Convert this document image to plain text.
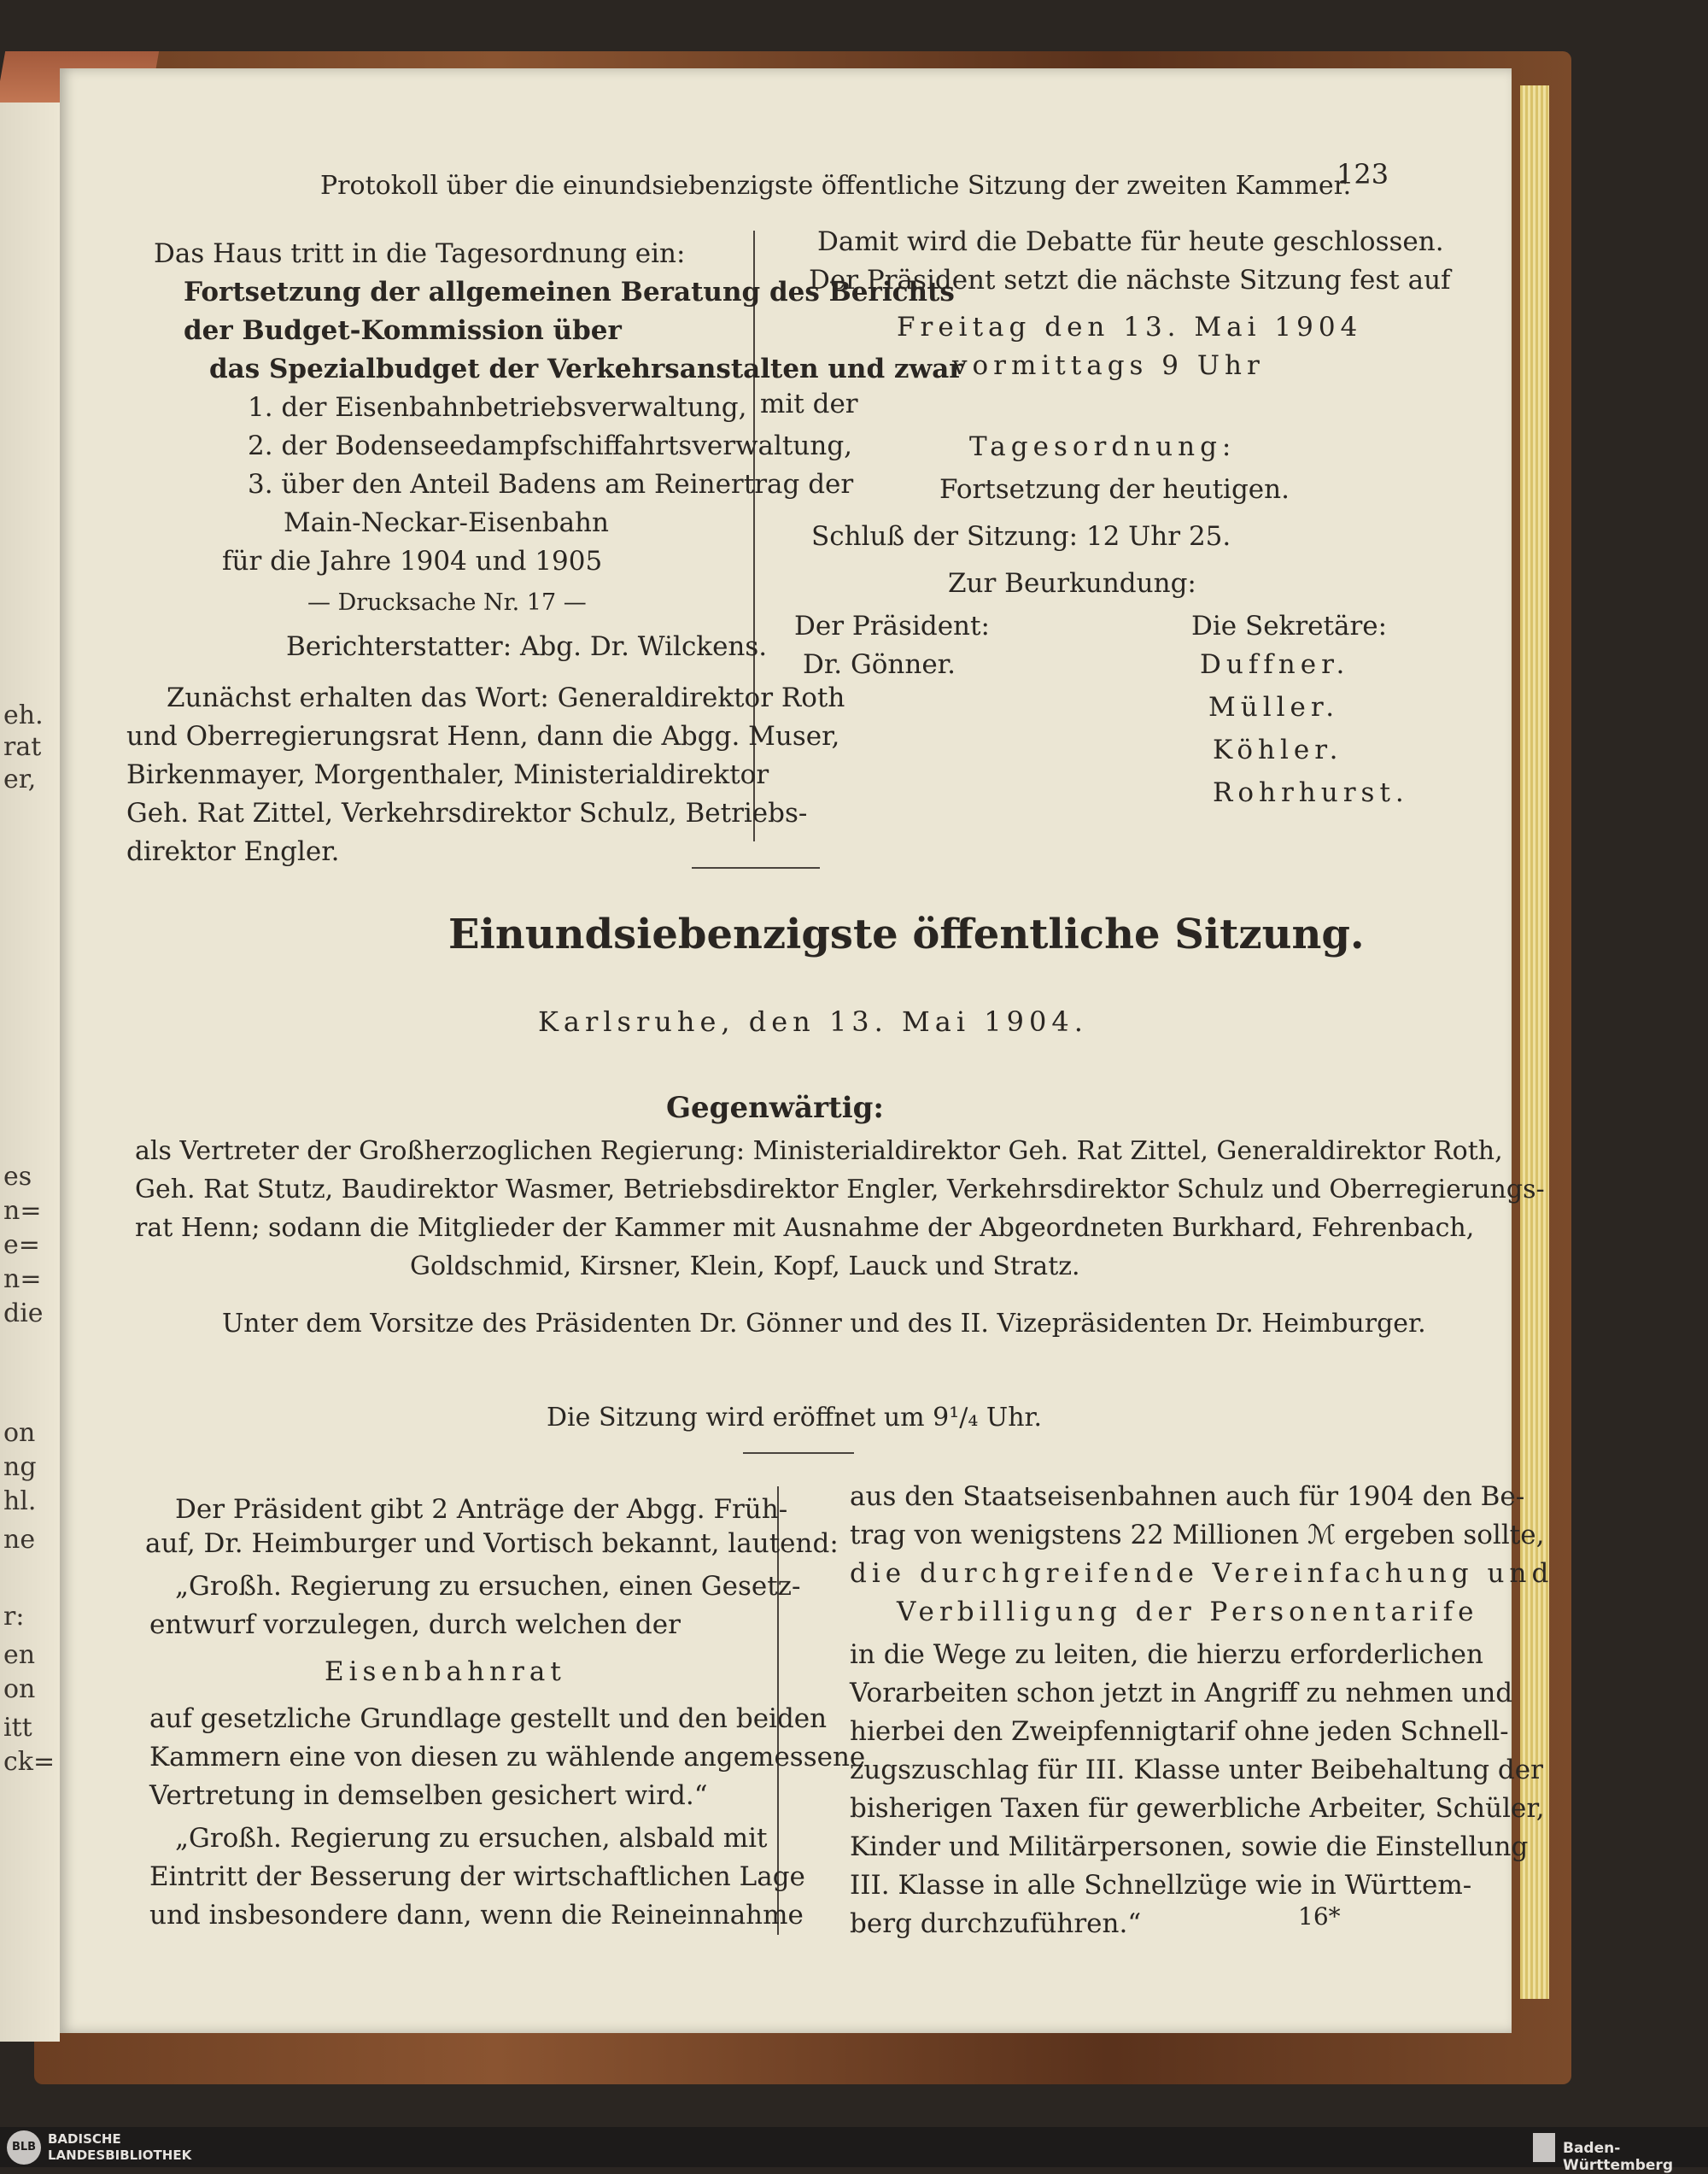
eh.
rat
er,
es
n=
e=
n=
die
on
ng
hl.
ne
r:
en
on
itt
ck=
Protokoll über die einundsiebenzigste öffentliche Sitzung der zweiten Kammer.
123
Das Haus tritt in die Tagesordnung ein:
Fortsetzung der allgemeinen Beratung des Berichts
der Budget-Kommission über
das Spezialbudget der Verkehrsanstalten und zwar
1. der Eisenbahnbetriebsverwaltung,
2. der Bodenseedampfschiffahrtsverwaltung,
3. über den Anteil Badens am Reinertrag der
Main-Neckar-Eisenbahn
für die Jahre 1904 und 1905
— Drucksache Nr. 17 —
Berichterstatter: Abg. Dr. Wilckens.
Zunächst erhalten das Wort: Generaldirektor Roth
und Oberregierungsrat Henn, dann die Abgg. Muser,
Birkenmayer, Morgenthaler, Ministerialdirektor
Geh. Rat Zittel, Verkehrsdirektor Schulz, Betriebs-
direktor Engler.
Damit wird die Debatte für heute geschlossen.
Der Präsident setzt die nächste Sitzung fest auf
Freitag den 13. Mai 1904
vormittags 9 Uhr
mit der
Tagesordnung:
Fortsetzung der heutigen.
Schluß der Sitzung: 12 Uhr 25.
Zur Beurkundung:
Der Präsident:	Die Sekretäre:
Dr. Gönner.	Duffner.
Müller.
Köhler.
Rohrhurst.
Einundsiebenzigste öffentliche Sitzung.
Karlsruhe, den 13. Mai 1904.
Gegenwärtig:
als Vertreter der Großherzoglichen Regierung: Ministerialdirektor Geh. Rat Zittel, Generaldirektor Roth,
Geh. Rat Stutz, Baudirektor Wasmer, Betriebsdirektor Engler, Verkehrsdirektor Schulz und Oberregierungs-
rat Henn; sodann die Mitglieder der Kammer mit Ausnahme der Abgeordneten Burkhard, Fehrenbach,
Goldschmid, Kirsner, Klein, Kopf, Lauck und Stratz.
Unter dem Vorsitze des Präsidenten Dr. Gönner und des II. Vizepräsidenten Dr. Heimburger.
Die Sitzung wird eröffnet um 9¹/₄ Uhr.
Der Präsident gibt 2 Anträge der Abgg. Früh-
auf, Dr. Heimburger und Vortisch bekannt, lautend:
„Großh. Regierung zu ersuchen, einen Gesetz-
entwurf vorzulegen, durch welchen der
Eisenbahnrat
auf gesetzliche Grundlage gestellt und den beiden
Kammern eine von diesen zu wählende angemessene
Vertretung in demselben gesichert wird.“
„Großh. Regierung zu ersuchen, alsbald mit
Eintritt der Besserung der wirtschaftlichen Lage
und insbesondere dann, wenn die Reineinnahme
aus den Staatseisenbahnen auch für 1904 den Be-
trag von wenigstens 22 Millionen ℳ ergeben sollte,
die durchgreifende Vereinfachung und
Verbilligung der Personentarife
in die Wege zu leiten, die hierzu erforderlichen
Vorarbeiten schon jetzt in Angriff zu nehmen und
hierbei den Zweipfennigtarif ohne jeden Schnell-
zugszuschlag für III. Klasse unter Beibehaltung der
bisherigen Taxen für gewerbliche Arbeiter, Schüler,
Kinder und Militärpersonen, sowie die Einstellung
III. Klasse in alle Schnellzüge wie in Württem-
berg durchzuführen.“	16*
BLB
BADISCHE
LANDESBIBLIOTHEK	Baden-Württemberg
